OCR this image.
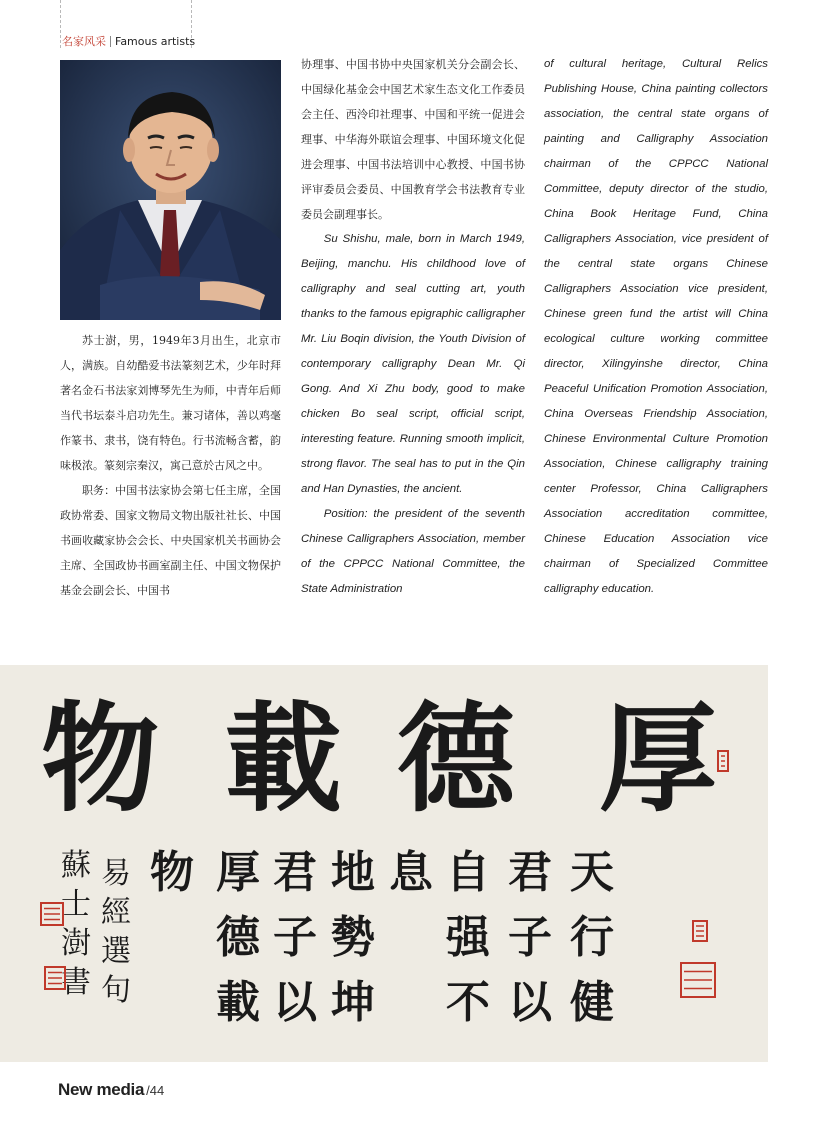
名家风采 Famous artists

苏士澍，男，1949年3月出生，北京市人，满族。自幼酷爱书法篆刻艺术，少年时拜著名金石书法家刘博琴先生为师，中青年后师当代书坛泰斗启功先生。兼习诸体，善以鸡毫作篆书、隶书，饶有特色。行书流畅含蓄，韵味极浓。篆刻宗秦汉，寓己意於古风之中。

职务：中国书法家协会第七任主席，全国政协常委、国家文物局文物出版社社长、中国书画收藏家协会会长、中央国家机关书画协会主席、全国政协书画室副主任、中国文物保护基金会副会长、中国书

协理事、中国书协中央国家机关分会副会长、中国绿化基金会中国艺术家生态文化工作委员会主任、西泠印社理事、中国和平统一促进会理事、中华海外联谊会理事、中国环境文化促进会理事、中国书法培训中心教授、中国书协评审委员会委员、中国教育学会书法教育专业委员会副理事长。

Su Shishu, male, born in March 1949, Beijing, manchu. His childhood love of calligraphy and seal cutting art, youth thanks to the famous epigraphic calligrapher Mr. Liu Boqin division, the Youth Division of contemporary calligraphy Dean Mr. Qi Gong. And Xi Zhu body, good to make chicken Bo seal script, official script, interesting feature. Running smooth implicit, strong flavor. The seal has to put in the Qin and Han Dynasties, the ancient.

Position: the president of the seventh Chinese Calligraphers Association, member of the CPPCC National Committee, the State Administration

of cultural heritage, Cultural Relics Publishing House, China painting collectors association, the central state organs of painting and Calligraphy Association chairman of the CPPCC National Committee, deputy director of the studio, China Book Heritage Fund, China Calligraphers Association, vice president of the central state organs Chinese Calligraphers Association vice president, Chinese green fund the artist will China ecological culture working committee director, Xilingyinshe director, China Peaceful Unification Promotion Association, China Overseas Friendship Association, Chinese Environmental Culture Promotion Association, Chinese calligraphy training center Professor, China Calligraphers Association accreditation committee, Chinese Education Association vice chairman of Specialized Committee calligraphy education.

物 載 德 厚
天
行
健
君
子
以
自
强
不
息
地
勢
坤
君
子
以
厚
德
載
物
易
經
選
句
蘇
士
澍
書
New media /44
